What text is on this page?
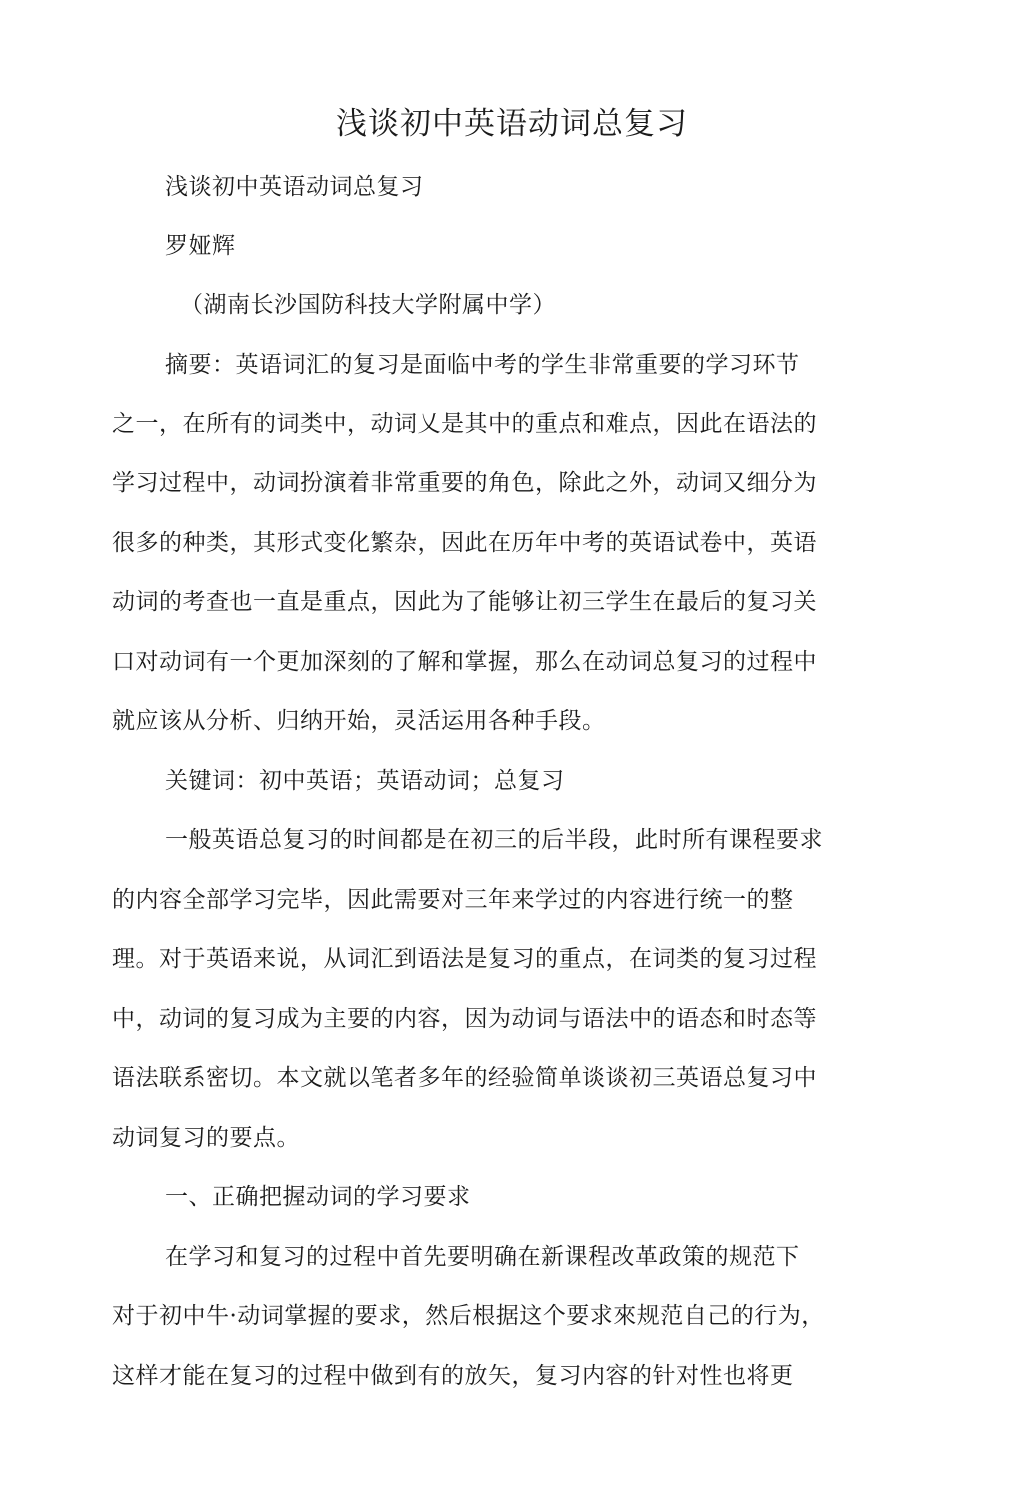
浅谈初中英语动词总复习
浅谈初中英语动词总复习
罗娅辉
（湖南长沙国防科技大学附属中学）
摘要：英语词汇的复习是面临中考的学生非常重要的学习环节
之一，在所有的词类中，动词乂是其中的重点和难点，因此在语法的
学习过程中，动词扮演着非常重要的角色，除此之外，动词又细分为
很多的种类，其形式变化繁杂，因此在历年中考的英语试卷中，英语
动词的考查也一直是重点，因此为了能够让初三学生在最后的复习关
口对动词有一个更加深刻的了解和掌握，那么在动词总复习的过程中
就应该从分析、归纳开始，灵活运用各种手段。
关键词：初中英语；英语动词；总复习
一般英语总复习的时间都是在初三的后半段，此时所有课程要求
的内容全部学习完毕，因此需要对三年来学过的内容进行统一的整
理。对于英语来说，从词汇到语法是复习的重点，在词类的复习过程
中，动词的复习成为主要的内容，因为动词与语法中的语态和时态等
语法联系密切。本文就以笔者多年的经验简单谈谈初三英语总复习中
动词复习的要点。
一、正确把握动词的学习要求
在学习和复习的过程中首先要明确在新课程改革政策的规范下
对于初中牛·动词掌握的要求，然后根据这个要求來规范自己的行为，
这样才能在复习的过程中做到有的放矢，复习内容的针对性也将更
